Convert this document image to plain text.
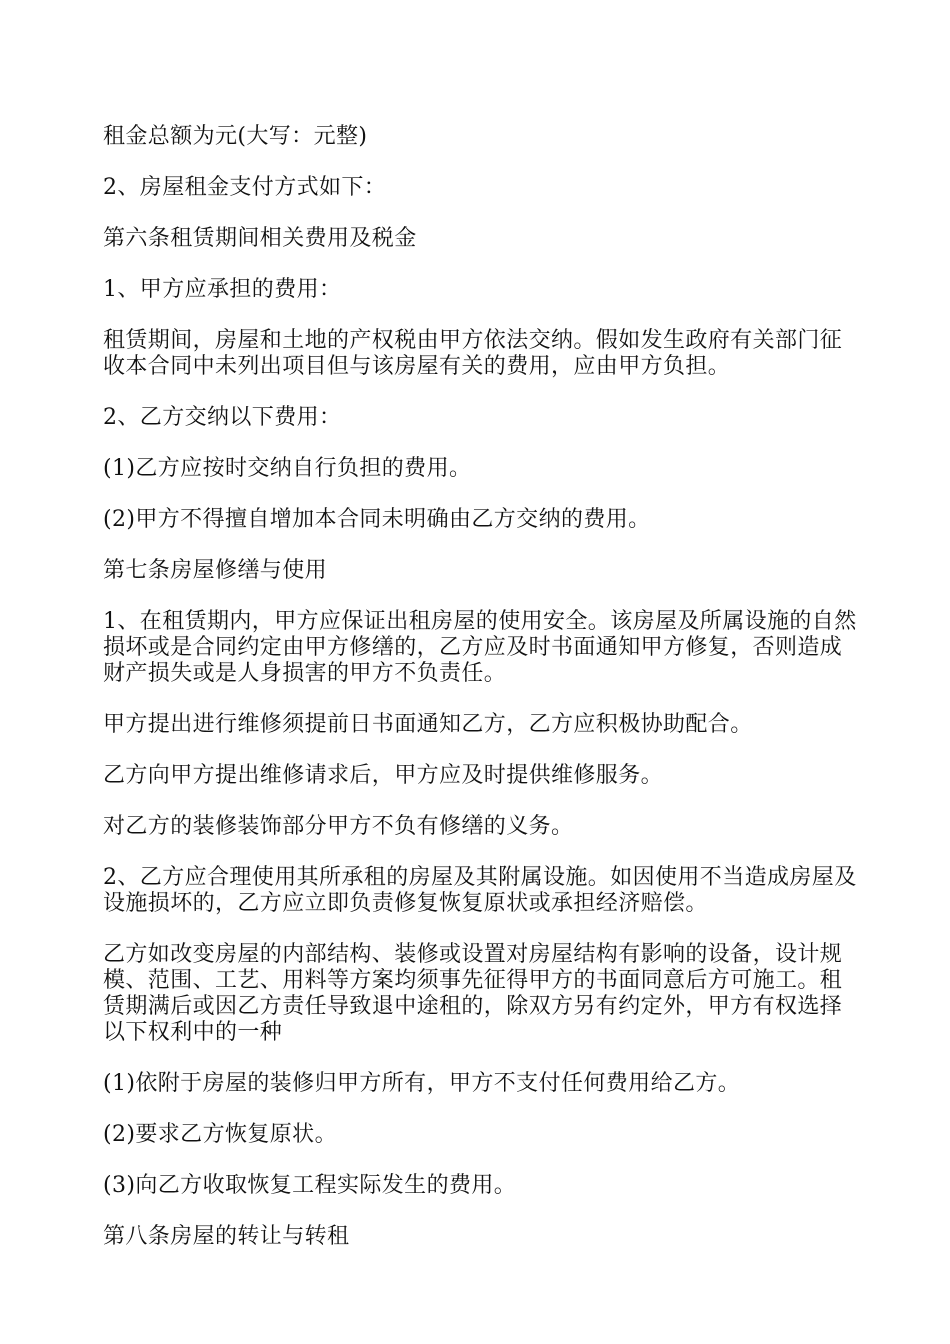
租金总额为元(大写：元整)

2、房屋租金支付方式如下：

第六条租赁期间相关费用及税金

1、甲方应承担的费用：

租赁期间，房屋和土地的产权税由甲方依法交纳。假如发生政府有关部门征收本合同中未列出项目但与该房屋有关的费用，应由甲方负担。

2、乙方交纳以下费用：

(1)乙方应按时交纳自行负担的费用。

(2)甲方不得擅自增加本合同未明确由乙方交纳的费用。

第七条房屋修缮与使用

1、在租赁期内，甲方应保证出租房屋的使用安全。该房屋及所属设施的自然损坏或是合同约定由甲方修缮的，乙方应及时书面通知甲方修复，否则造成财产损失或是人身损害的甲方不负责任。

甲方提出进行维修须提前日书面通知乙方，乙方应积极协助配合。

乙方向甲方提出维修请求后，甲方应及时提供维修服务。

对乙方的装修装饰部分甲方不负有修缮的义务。

2、乙方应合理使用其所承租的房屋及其附属设施。如因使用不当造成房屋及设施损坏的，乙方应立即负责修复恢复原状或承担经济赔偿。

乙方如改变房屋的内部结构、装修或设置对房屋结构有影响的设备，设计规模、范围、工艺、用料等方案均须事先征得甲方的书面同意后方可施工。租赁期满后或因乙方责任导致退中途租的，除双方另有约定外，甲方有权选择以下权利中的一种

(1)依附于房屋的装修归甲方所有，甲方不支付任何费用给乙方。

(2)要求乙方恢复原状。

(3)向乙方收取恢复工程实际发生的费用。

第八条房屋的转让与转租
